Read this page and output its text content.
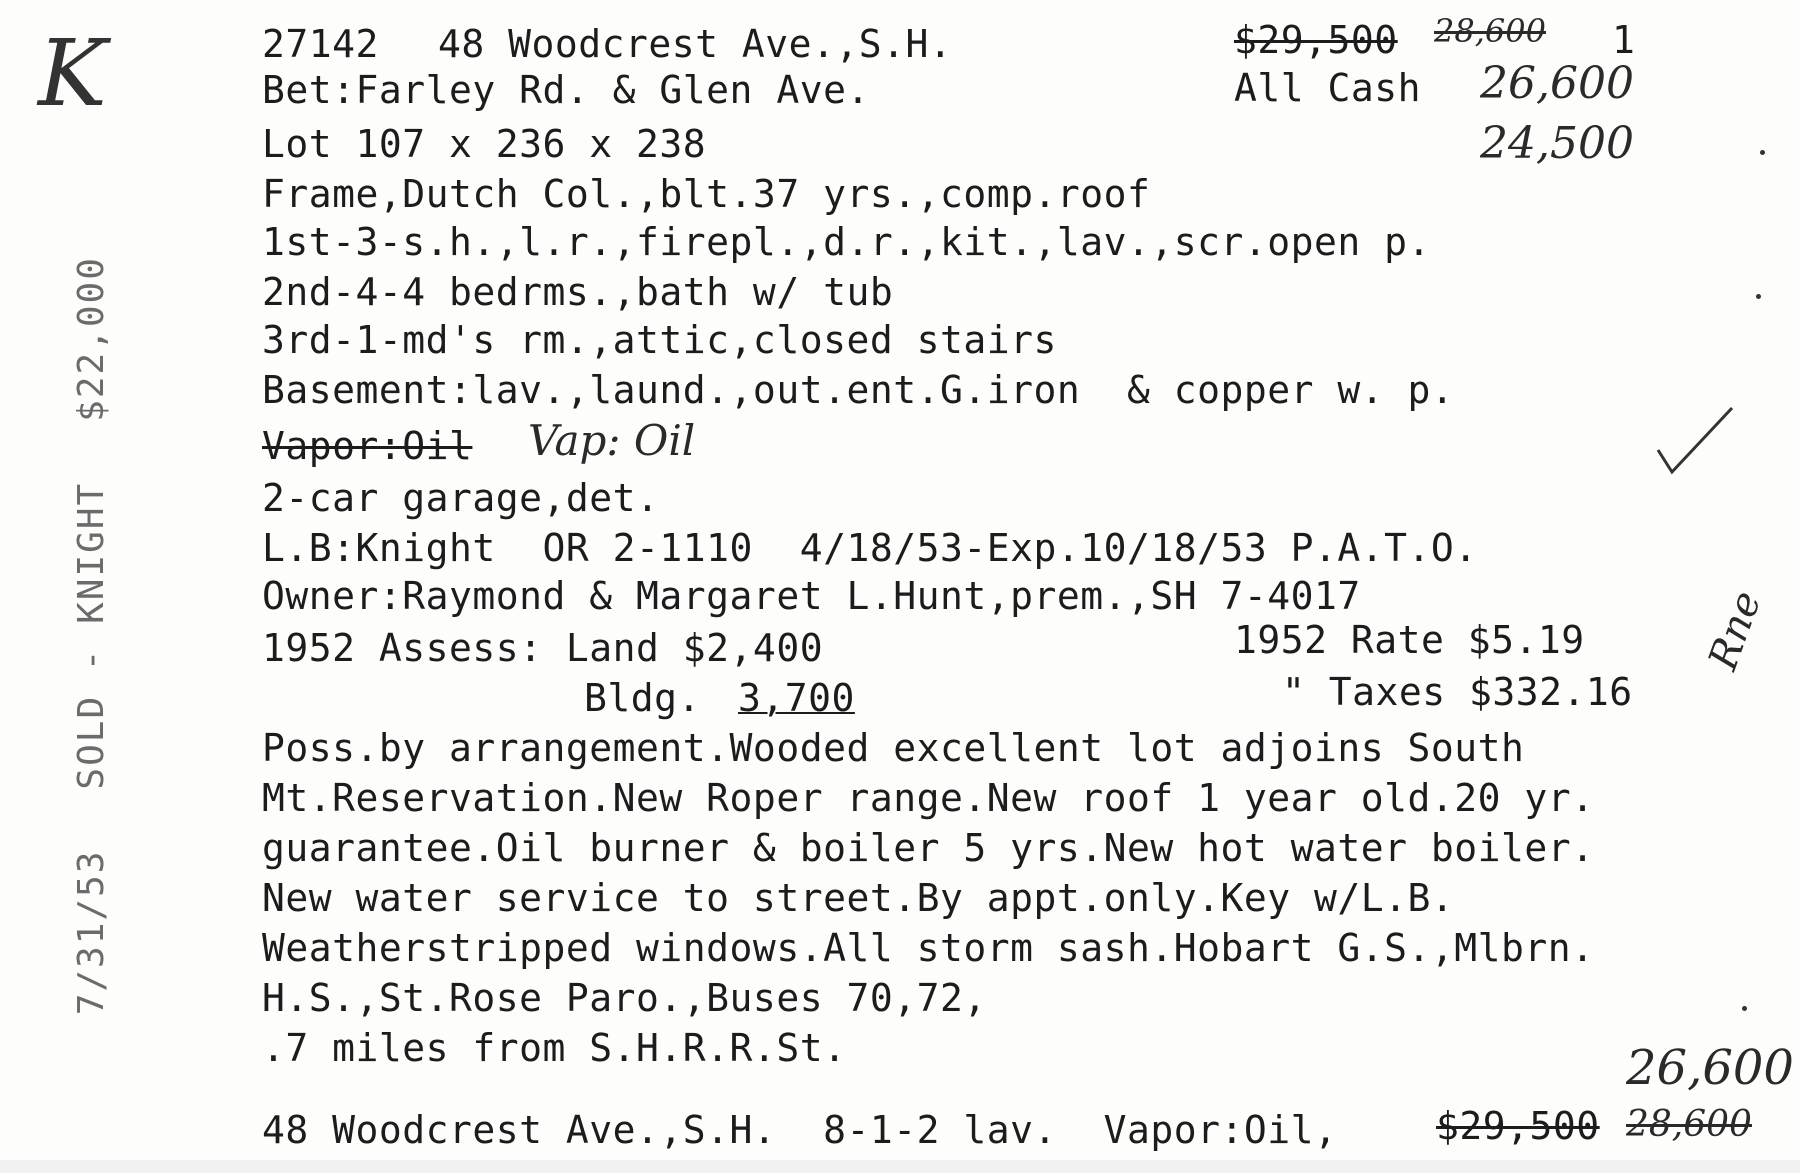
7/31/53SOLD - KNIGHT$22,000

K	27142 48 Woodcrest Ave.,S.H.	$29,500 28,600 1
Bet:Farley Rd. & Glen Ave.	All Cash 26,600
Lot 107 x 236 x 238	24,500
Frame,Dutch Col.,blt.37 yrs.,comp.roof
1st-3-s.h.,l.r.,firepl.,d.r.,kit.,lav.,scr.open p.
2nd-4-4 bedrms.,bath w/ tub
3rd-1-md's rm.,attic,closed stairs
Basement:lav.,laund.,out.ent.G.iron  & copper w. p.
Vapor:Oil Vap: Oil
2-car garage,det.
L.B:Knight  OR 2-1110  4/18/53-Exp.10/18/53 P.A.T.O.
Owner:Raymond & Margaret L.Hunt,prem.,SH 7-4017
1952 Assess: Land $2,400	1952 Rate $5.19
Bldg. 3,700	" Taxes $332.16
Poss.by arrangement.Wooded excellent lot adjoins South
Mt.Reservation.New Roper range.New roof 1 year old.20 yr.
guarantee.Oil burner & boiler 5 yrs.New hot water boiler.
New water service to street.By appt.only.Key w/L.B.
Weatherstripped windows.All storm sash.Hobart G.S.,Mlbrn.
H.S.,St.Rose Paro.,Buses 70,72,
.7 miles from S.H.R.R.St.
48 Woodcrest Ave.,S.H.  8-1-2 lav.  Vapor:Oil,	$29,500
26,600
28,600
Rne
